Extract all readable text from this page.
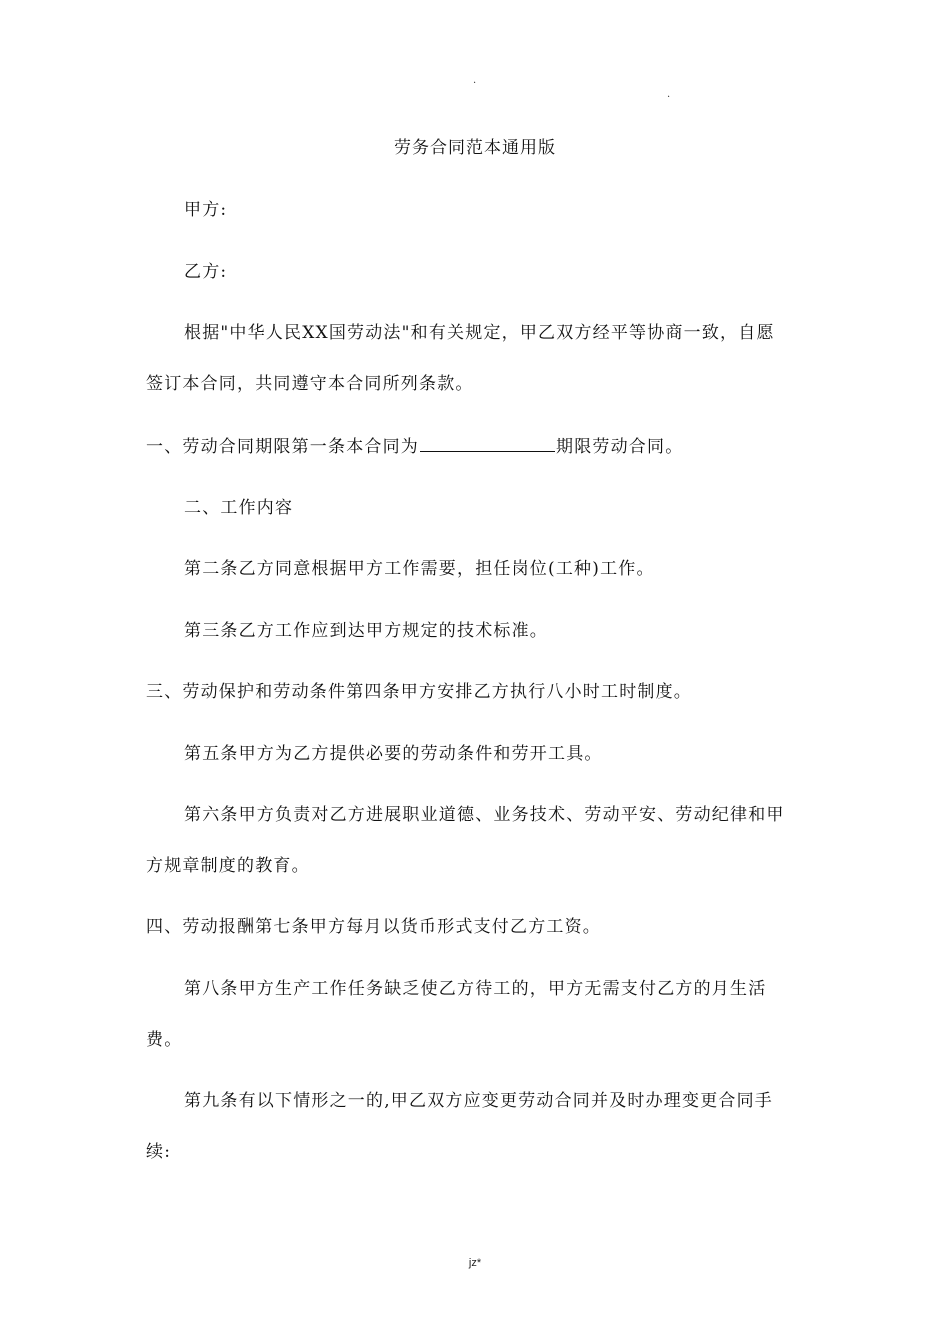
.
.
劳务合同范本通用版
甲方:
乙方:
根据"中华人民XX国劳动法"和有关规定，甲乙双方经平等协商一致，自愿
签订本合同，共同遵守本合同所列条款。
一、劳动合同期限第一条本合同为	期限劳动合同。
二、工作内容
第二条乙方同意根据甲方工作需要，担任岗位(工种)工作。
第三条乙方工作应到达甲方规定的技术标准。
三、劳动保护和劳动条件第四条甲方安排乙方执行八小时工时制度。
第五条甲方为乙方提供必要的劳动条件和劳开工具。
第六条甲方负责对乙方进展职业道德、业务技术、劳动平安、劳动纪律和甲
方规章制度的教育。
四、劳动报酬第七条甲方每月以货币形式支付乙方工资。
第八条甲方生产工作任务缺乏使乙方待工的，甲方无需支付乙方的月生活
费。
第九条有以下情形之一的,甲乙双方应变更劳动合同并及时办理变更合同手
续:
jz*
